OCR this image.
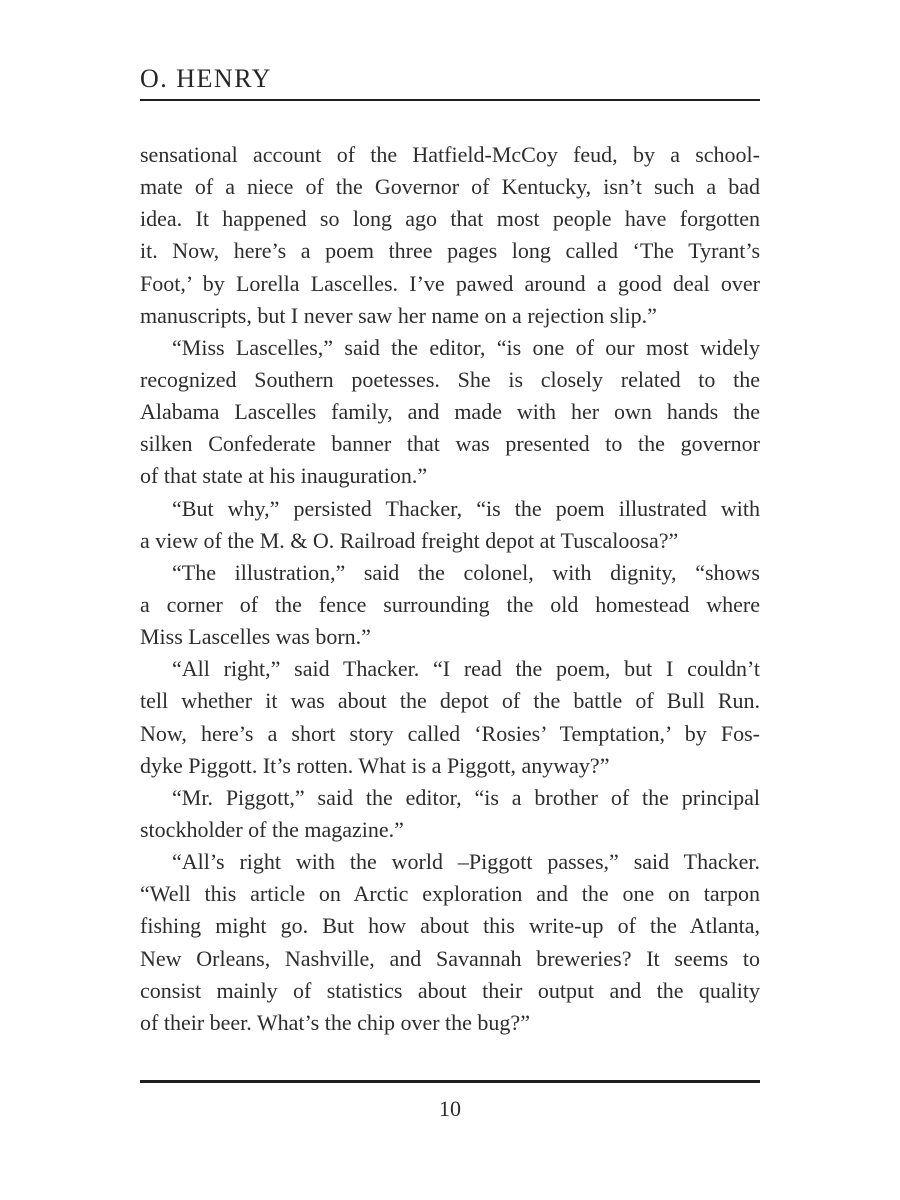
O. HENRY
sensational account of the Hatfield-McCoy feud, by a school-
mate of a niece of the Governor of Kentucky, isn’t such a bad
idea. It happened so long ago that most people have forgotten
it. Now, here’s a poem three pages long called ‘The Tyrant’s
Foot,’ by Lorella Lascelles. I’ve pawed around a good deal over
manuscripts, but I never saw her name on a rejection slip.”
“Miss Lascelles,” said the editor, “is one of our most widely
recognized Southern poetesses. She is closely related to the
Alabama Lascelles family, and made with her own hands the
silken Confederate banner that was presented to the governor
of that state at his inauguration.”
“But why,” persisted Thacker, “is the poem illustrated with
a view of the M. & O. Railroad freight depot at Tuscaloosa?”
“The illustration,” said the colonel, with dignity, “shows
a corner of the fence surrounding the old homestead where
Miss Lascelles was born.”
“All right,” said Thacker. “I read the poem, but I couldn’t
tell whether it was about the depot of the battle of Bull Run.
Now, here’s a short story called ‘Rosies’ Temptation,’ by Fos-
dyke Piggott. It’s rotten. What is a Piggott, anyway?”
“Mr. Piggott,” said the editor, “is a brother of the principal
stockholder of the magazine.”
“All’s right with the world –Piggott passes,” said Thacker.
“Well this article on Arctic exploration and the one on tarpon
fishing might go. But how about this write-up of the Atlanta,
New Orleans, Nashville, and Savannah breweries? It seems to
consist mainly of statistics about their output and the quality
of their beer. What’s the chip over the bug?”
10
